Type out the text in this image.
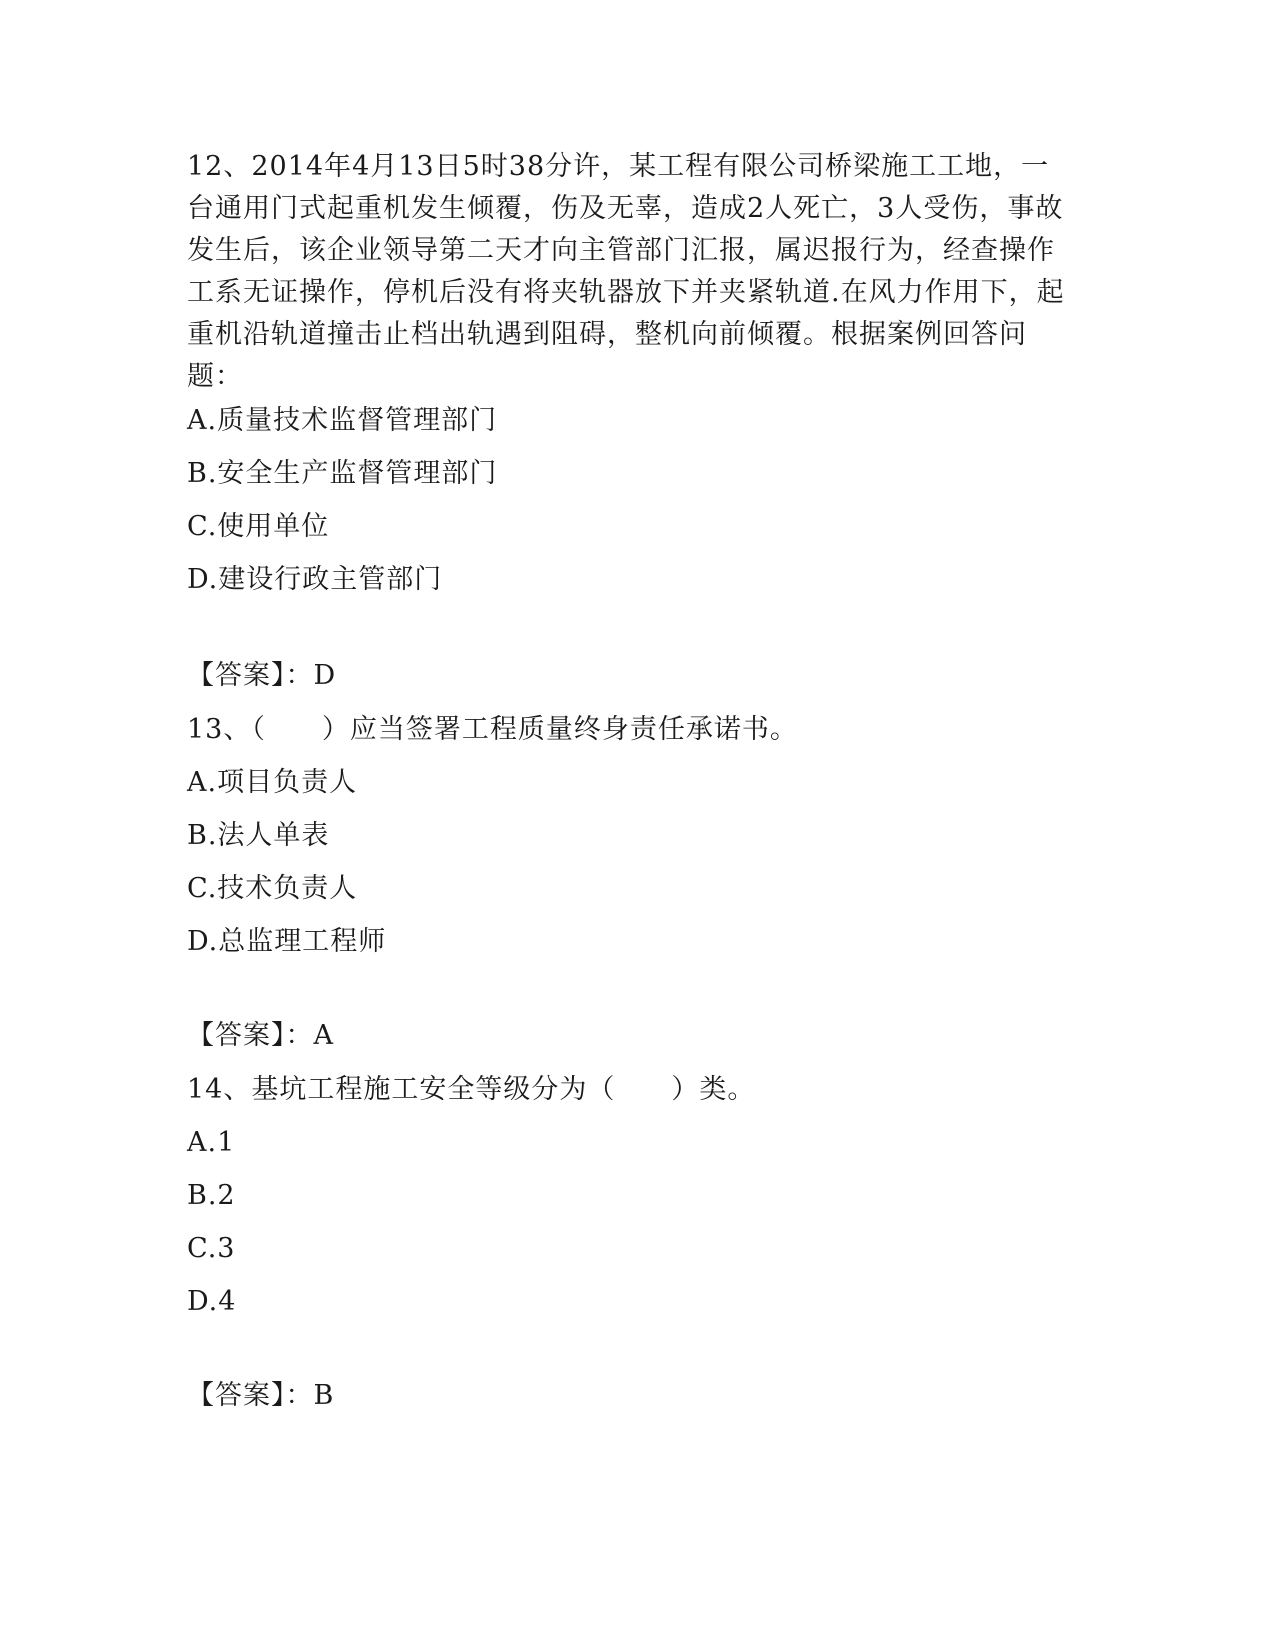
12、2014年4月13日5时38分许，某工程有限公司桥梁施工工地，一台通用门式起重机发生倾覆，伤及无辜，造成2人死亡，3人受伤，事故发生后，该企业领导第二天才向主管部门汇报，属迟报行为，经查操作工系无证操作，停机后没有将夹轨器放下并夹紧轨道.在风力作用下，起重机沿轨道撞击止档出轨遇到阻碍，整机向前倾覆。根据案例回答问题：

A.质量技术监督管理部门

B.安全生产监督管理部门

C.使用单位

D.建设行政主管部门

【答案】：D

13、（　　）应当签署工程质量终身责任承诺书。

A.项目负责人

B.法人单表

C.技术负责人

D.总监理工程师

【答案】：A

14、基坑工程施工安全等级分为（　　）类。

A.1

B.2

C.3

D.4

【答案】：B
